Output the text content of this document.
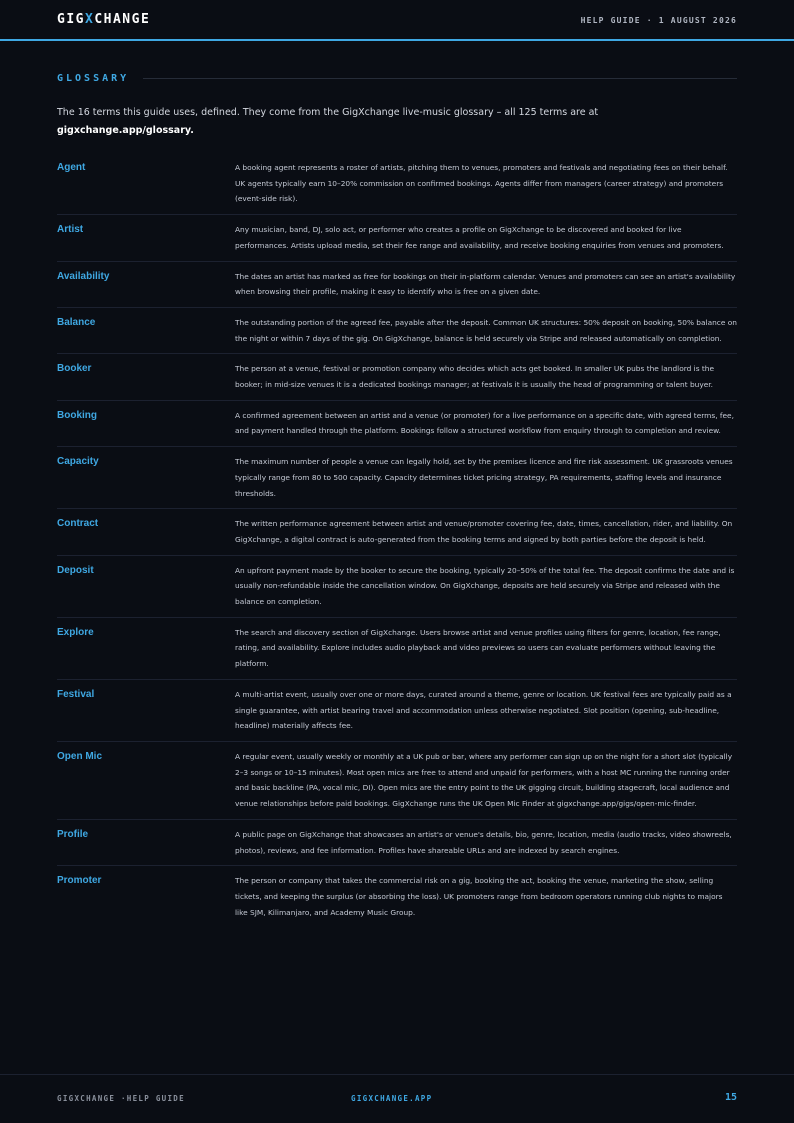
GIGXCHANGE	HELP GUIDE · 1 AUGUST 2026
GLOSSARY

The 16 terms this guide uses, defined. They come from the GigXchange live-music glossary – all 125 terms are at
gigxchange.app/glossary.

Agent	A booking agent represents a roster of artists, pitching them to venues, promoters and festivals and negotiating fees on their behalf. UK agents typically earn 10–20% commission on confirmed bookings. Agents differ from managers (career strategy) and promoters (event-side risk).
Artist	Any musician, band, DJ, solo act, or performer who creates a profile on GigXchange to be discovered and booked for live performances. Artists upload media, set their fee range and availability, and receive booking enquiries from venues and promoters.
Availability	The dates an artist has marked as free for bookings on their in-platform calendar. Venues and promoters can see an artist's availability when browsing their profile, making it easy to identify who is free on a given date.
Balance	The outstanding portion of the agreed fee, payable after the deposit. Common UK structures: 50% deposit on booking, 50% balance on the night or within 7 days of the gig. On GigXchange, balance is held securely via Stripe and released automatically on completion.
Booker	The person at a venue, festival or promotion company who decides which acts get booked. In smaller UK pubs the landlord is the booker; in mid-size venues it is a dedicated bookings manager; at festivals it is usually the head of programming or talent buyer.
Booking	A confirmed agreement between an artist and a venue (or promoter) for a live performance on a specific date, with agreed terms, fee, and payment handled through the platform. Bookings follow a structured workflow from enquiry through to completion and review.
Capacity	The maximum number of people a venue can legally hold, set by the premises licence and fire risk assessment. UK grassroots venues typically range from 80 to 500 capacity. Capacity determines ticket pricing strategy, PA requirements, staffing levels and insurance thresholds.
Contract	The written performance agreement between artist and venue/promoter covering fee, date, times, cancellation, rider, and liability. On GigXchange, a digital contract is auto-generated from the booking terms and signed by both parties before the deposit is held.
Deposit	An upfront payment made by the booker to secure the booking, typically 20–50% of the total fee. The deposit confirms the date and is usually non-refundable inside the cancellation window. On GigXchange, deposits are held securely via Stripe and released with the balance on completion.
Explore	The search and discovery section of GigXchange. Users browse artist and venue profiles using filters for genre, location, fee range, rating, and availability. Explore includes audio playback and video previews so users can evaluate performers without leaving the platform.
Festival	A multi-artist event, usually over one or more days, curated around a theme, genre or location. UK festival fees are typically paid as a single guarantee, with artist bearing travel and accommodation unless otherwise negotiated. Slot position (opening, sub-headline, headline) materially affects fee.
Open Mic	A regular event, usually weekly or monthly at a UK pub or bar, where any performer can sign up on the night for a short slot (typically 2–3 songs or 10–15 minutes). Most open mics are free to attend and unpaid for performers, with a host MC running the running order and basic backline (PA, vocal mic, DI). Open mics are the entry point to the UK gigging circuit, building stagecraft, local audience and venue relationships before paid bookings. GigXchange runs the UK Open Mic Finder at gigxchange.app/gigs/open-mic-finder.
Profile	A public page on GigXchange that showcases an artist's or venue's details, bio, genre, location, media (audio tracks, video showreels, photos), reviews, and fee information. Profiles have shareable URLs and are indexed by search engines.
Promoter	The person or company that takes the commercial risk on a gig, booking the act, booking the venue, marketing the show, selling tickets, and keeping the surplus (or absorbing the loss). UK promoters range from bedroom operators running club nights to majors like SJM, Kilimanjaro, and Academy Music Group.
GIGXCHANGE ·HELP GUIDE	GIGXCHANGE.APP	15
